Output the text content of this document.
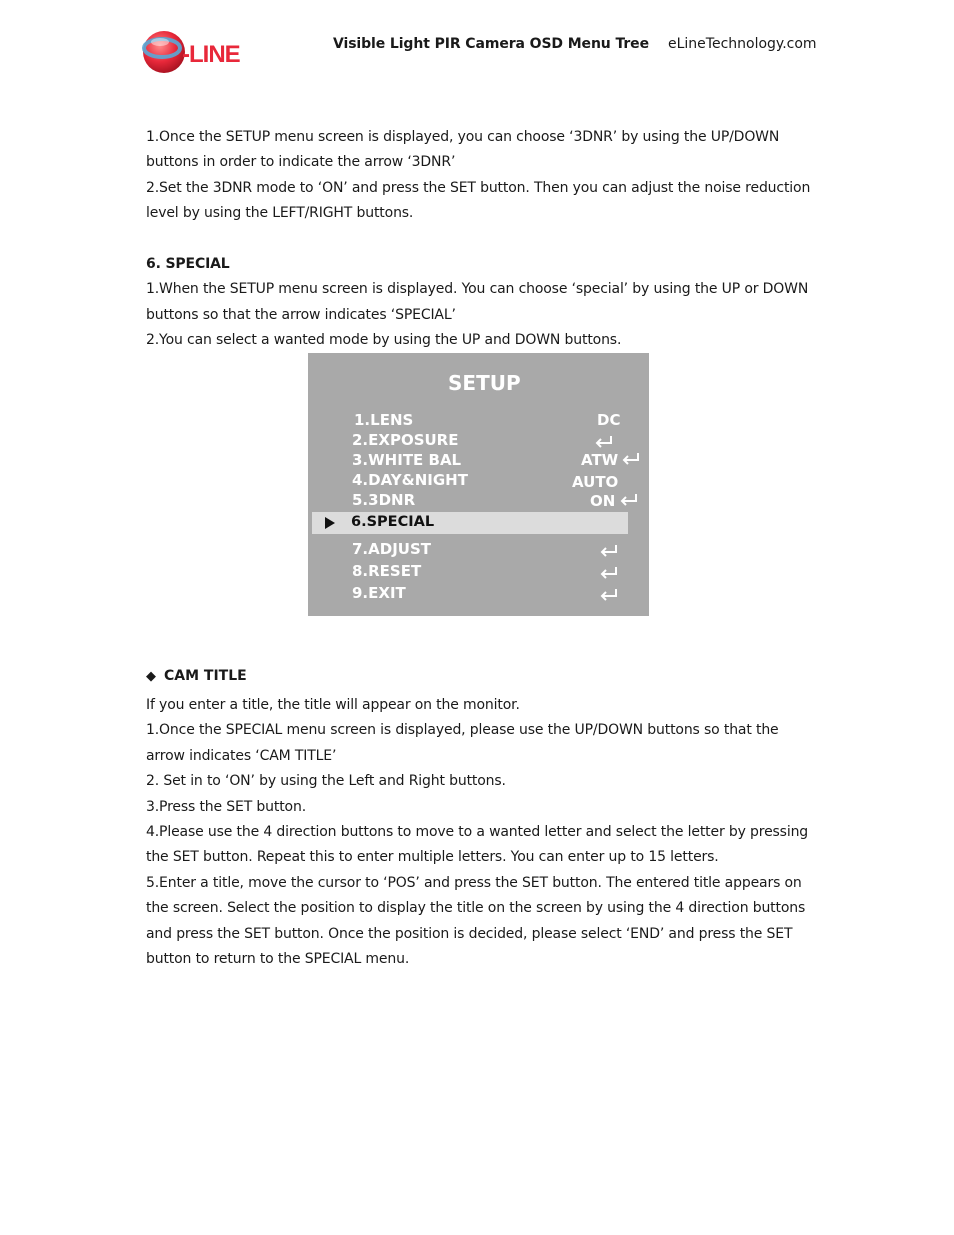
-LINE	Visible Light PIR Camera OSD Menu Tree eLineTechnology.com
1.Once the SETUP menu screen is displayed, you can choose ‘3DNR’ by using the UP/DOWN
buttons in order to indicate the arrow ‘3DNR’
2.Set the 3DNR mode to ‘ON’ and press the SET button. Then you can adjust the noise reduction
level by using the LEFT/RIGHT buttons.
6. SPECIAL
1.When the SETUP menu screen is displayed. You can choose ‘special’ by using the UP or DOWN
buttons so that the arrow indicates ‘SPECIAL’
2.You can select a wanted mode by using the UP and DOWN buttons.
SETUP
1.LENS	DC
2.EXPOSURE
3.WHITE BAL	ATW
4.DAY&NIGHT	AUTO
5.3DNR	ON
6.SPECIAL
7.ADJUST
8.RESET
9.EXIT
◆ CAM TITLE
If you enter a title, the title will appear on the monitor.
1.Once the SPECIAL menu screen is displayed, please use the UP/DOWN buttons so that the
arrow indicates ‘CAM TITLE’
2. Set in to ‘ON’ by using the Left and Right buttons.
3.Press the SET button.
4.Please use the 4 direction buttons to move to a wanted letter and select the letter by pressing
the SET button. Repeat this to enter multiple letters. You can enter up to 15 letters.
5.Enter a title, move the cursor to ‘POS’ and press the SET button. The entered title appears on
the screen. Select the position to display the title on the screen by using the 4 direction buttons
and press the SET button. Once the position is decided, please select ‘END’ and press the SET
button to return to the SPECIAL menu.
